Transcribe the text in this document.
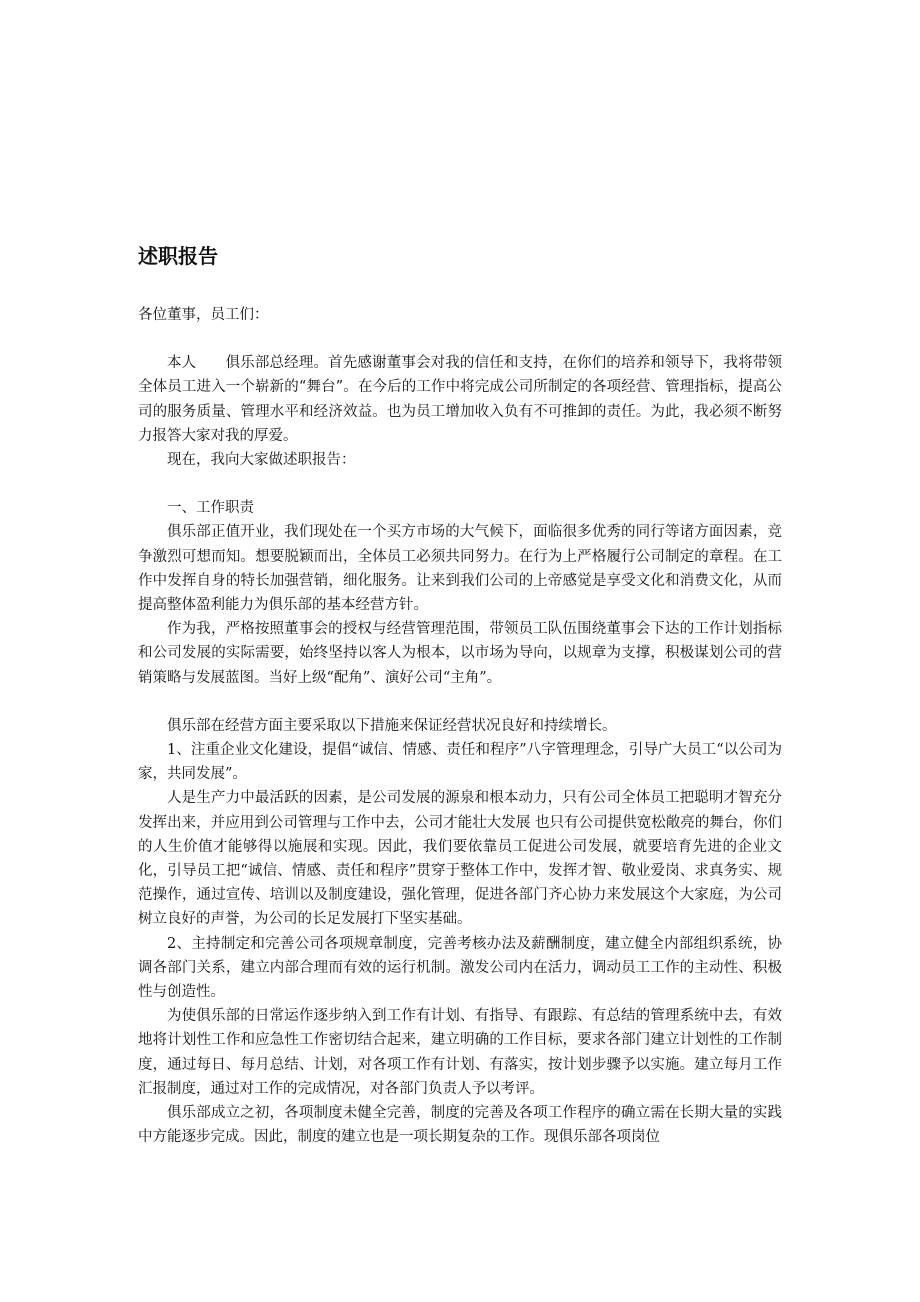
述职报告

各位董事，员工们：

本人　　俱乐部总经理。首先感谢董事会对我的信任和支持，在你们的培养和领导下，我将带领全体员工进入一个崭新的“舞台”。在今后的工作中将完成公司所制定的各项经营、管理指标，提高公司的服务质量、管理水平和经济效益。也为员工增加收入负有不可推卸的责任。为此，我必须不断努力报答大家对我的厚爱。

现在，我向大家做述职报告：

一、工作职责

俱乐部正值开业，我们现处在一个买方市场的大气候下，面临很多优秀的同行等诸方面因素，竞争激烈可想而知。想要脱颖而出，全体员工必须共同努力。在行为上严格履行公司制定的章程。在工作中发挥自身的特长加强营销，细化服务。让来到我们公司的上帝感觉是享受文化和消费文化，从而提高整体盈利能力为俱乐部的基本经营方针。

作为我，严格按照董事会的授权与经营管理范围，带领员工队伍围绕董事会下达的工作计划指标和公司发展的实际需要，始终坚持以客人为根本，以市场为导向，以规章为支撑，积极谋划公司的营销策略与发展蓝图。当好上级“配角”、演好公司“主角”。

俱乐部在经营方面主要采取以下措施来保证经营状况良好和持续增长。

1、注重企业文化建设，提倡“诚信、情感、责任和程序”八字管理理念，引导广大员工“以公司为家，共同发展”。

人是生产力中最活跃的因素，是公司发展的源泉和根本动力，只有公司全体员工把聪明才智充分发挥出来，并应用到公司管理与工作中去，公司才能壮大发展 也只有公司提供宽松敞亮的舞台，你们的人生价值才能够得以施展和实现。因此，我们要依靠员工促进公司发展，就要培育先进的企业文化，引导员工把“诚信、情感、责任和程序”贯穿于整体工作中，发挥才智、敬业爱岗、求真务实、规范操作，通过宣传、培训以及制度建设，强化管理，促进各部门齐心协力来发展这个大家庭，为公司树立良好的声誉，为公司的长足发展打下坚实基础。

2、主持制定和完善公司各项规章制度，完善考核办法及薪酬制度，建立健全内部组织系统，协调各部门关系，建立内部合理而有效的运行机制。激发公司内在活力，调动员工工作的主动性、积极性与创造性。

为使俱乐部的日常运作逐步纳入到工作有计划、有指导、有跟踪、有总结的管理系统中去，有效地将计划性工作和应急性工作密切结合起来，建立明确的工作目标，要求各部门建立计划性的工作制度，通过每日、每月总结、计划，对各项工作有计划、有落实，按计划步骤予以实施。建立每月工作汇报制度，通过对工作的完成情况，对各部门负责人予以考评。

俱乐部成立之初，各项制度未健全完善，制度的完善及各项工作程序的确立需在长期大量的实践中方能逐步完成。因此，制度的建立也是一项长期复杂的工作。现俱乐部各项岗位
